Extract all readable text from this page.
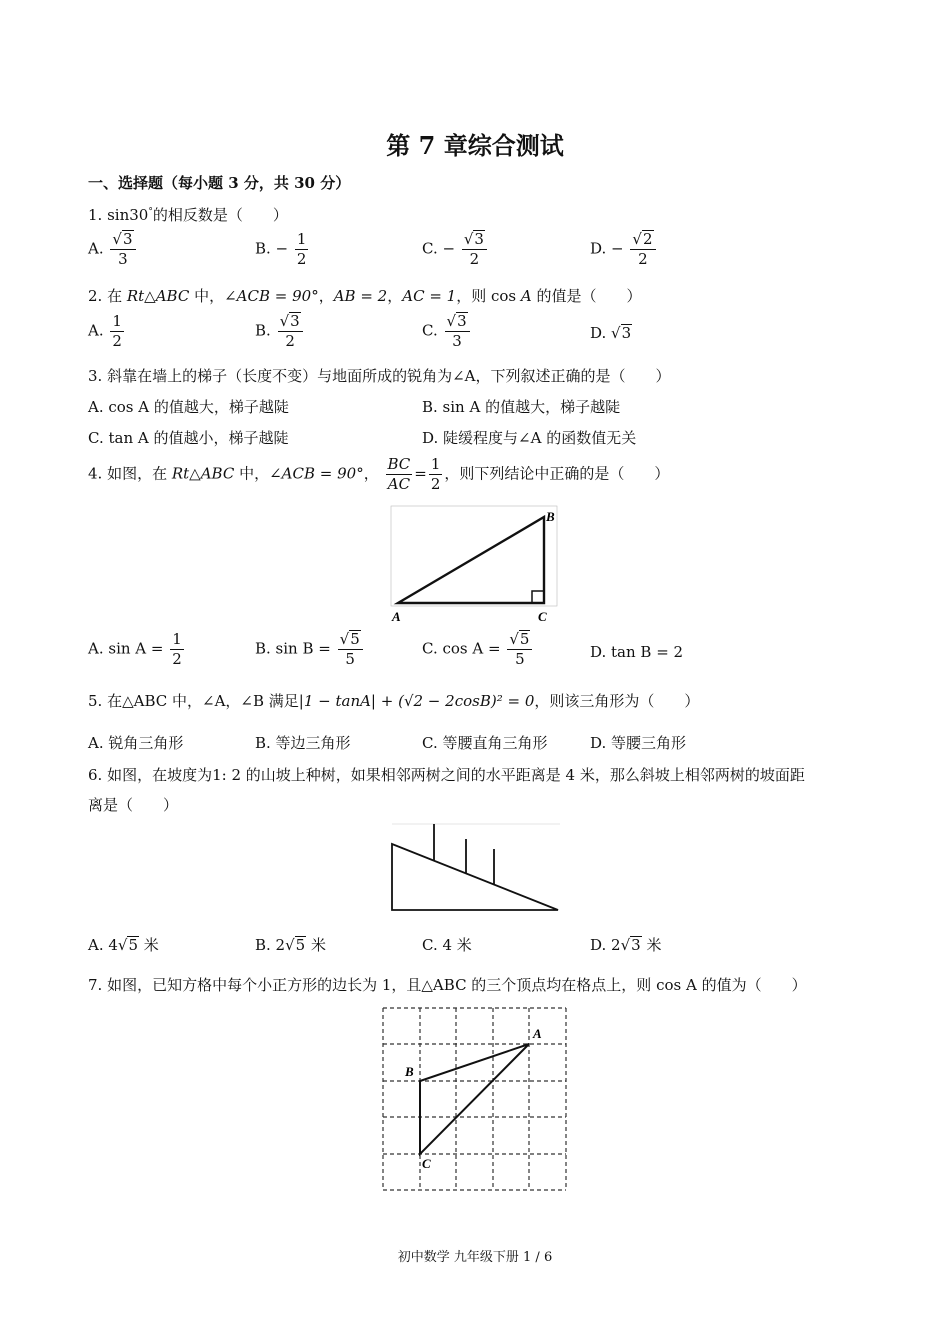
第 7 章综合测试
一、选择题（每小题 3 分，共 30 分）
1. sin30°的相反数是（　　）
A. $\frac{√3}{3}$	B. − $\frac{1}{2}$	C. − $\frac{√3}{2}$	D. − $\frac{√2}{2}$
2. 在 Rt△ABC 中，∠ACB = 90°，AB = 2，AC = 1，则 cos A 的值是（　　）
A. $\frac{1}{2}$	B. $\frac{√3}{2}$	C. $\frac{√3}{3}$	D. √3
3. 斜靠在墙上的梯子（长度不变）与地面所成的锐角为∠A，下列叙述正确的是（　　）
A. cos A 的值越大，梯子越陡	B. sin A 的值越大，梯子越陡
C. tan A 的值越小，梯子越陡	D. 陡缓程度与∠A 的函数值无关
4. 如图，在 Rt△ABC 中，∠ACB = 90°， $\frac{BC}{AC} = \frac{1}{2}$ ，则下列结论中正确的是（　　）
A
B
C
A. $\sin A = \frac{1}{2}$	B. $\sin B = \frac{√5}{5}$	C. $\cos A = \frac{√5}{5}$	D. tan B = 2
5. 在△ABC 中，∠A，∠B 满足|1 − tanA| + (√2 − 2cosB)² = 0，则该三角形为（　　）
A. 锐角三角形	B. 等边三角形	C. 等腰直角三角形	D. 等腰三角形
6. 如图，在坡度为1: 2 的山坡上种树，如果相邻两树之间的水平距离是 4 米，那么斜坡上相邻两树的坡面距
离是（　　）
A. 4√5 米	B. 2√5 米	C. 4 米	D. 2√3 米
7. 如图，已知方格中每个小正方形的边长为 1，且△ABC 的三个顶点均在格点上，则 cos A 的值为（　　）
A
B
C
初中数学 九年级下册 1 / 6
